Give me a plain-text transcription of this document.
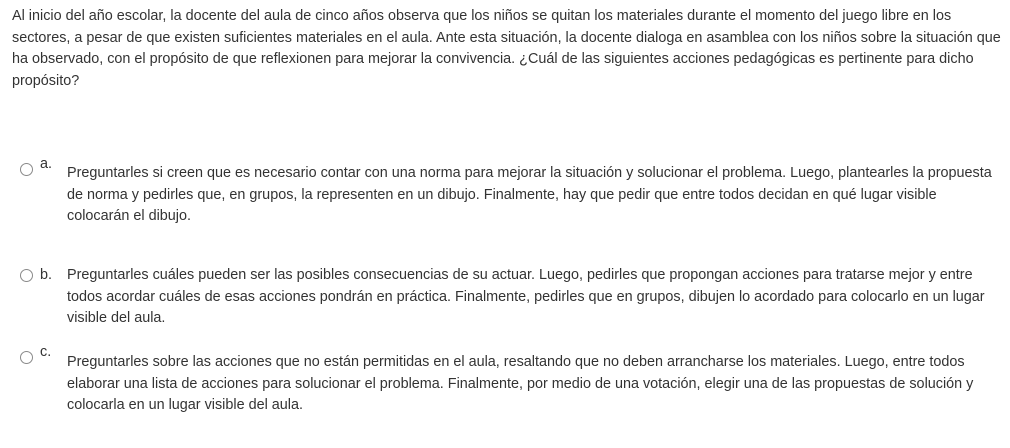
Al inicio del año escolar, la docente del aula de cinco años observa que los niños se quitan los materiales durante el momento del juego libre en los sectores, a pesar de que existen suficientes materiales en el aula. Ante esta situación, la docente dialoga en asamblea con los niños sobre la situación que ha observado, con el propósito de que reflexionen para mejorar la convivencia. ¿Cuál de las siguientes acciones pedagógicas es pertinente para dicho propósito?

a.
Preguntarles si creen que es necesario contar con una norma para mejorar la situación y solucionar el problema. Luego, plantearles la propuesta de norma y pedirles que, en grupos, la representen en un dibujo. Finalmente, hay que pedir que entre todos decidan en qué lugar visible colocarán el dibujo.
b. Preguntarles cuáles pueden ser las posibles consecuencias de su actuar. Luego, pedirles que propongan acciones para tratarse mejor y entre todos acordar cuáles de esas acciones pondrán en práctica. Finalmente, pedirles que en grupos, dibujen lo acordado para colocarlo en un lugar visible del aula.
c.
Preguntarles sobre las acciones que no están permitidas en el aula, resaltando que no deben arrancharse los materiales. Luego, entre todos elaborar una lista de acciones para solucionar el problema. Finalmente, por medio de una votación, elegir una de las propuestas de solución y colocarla en un lugar visible del aula.
